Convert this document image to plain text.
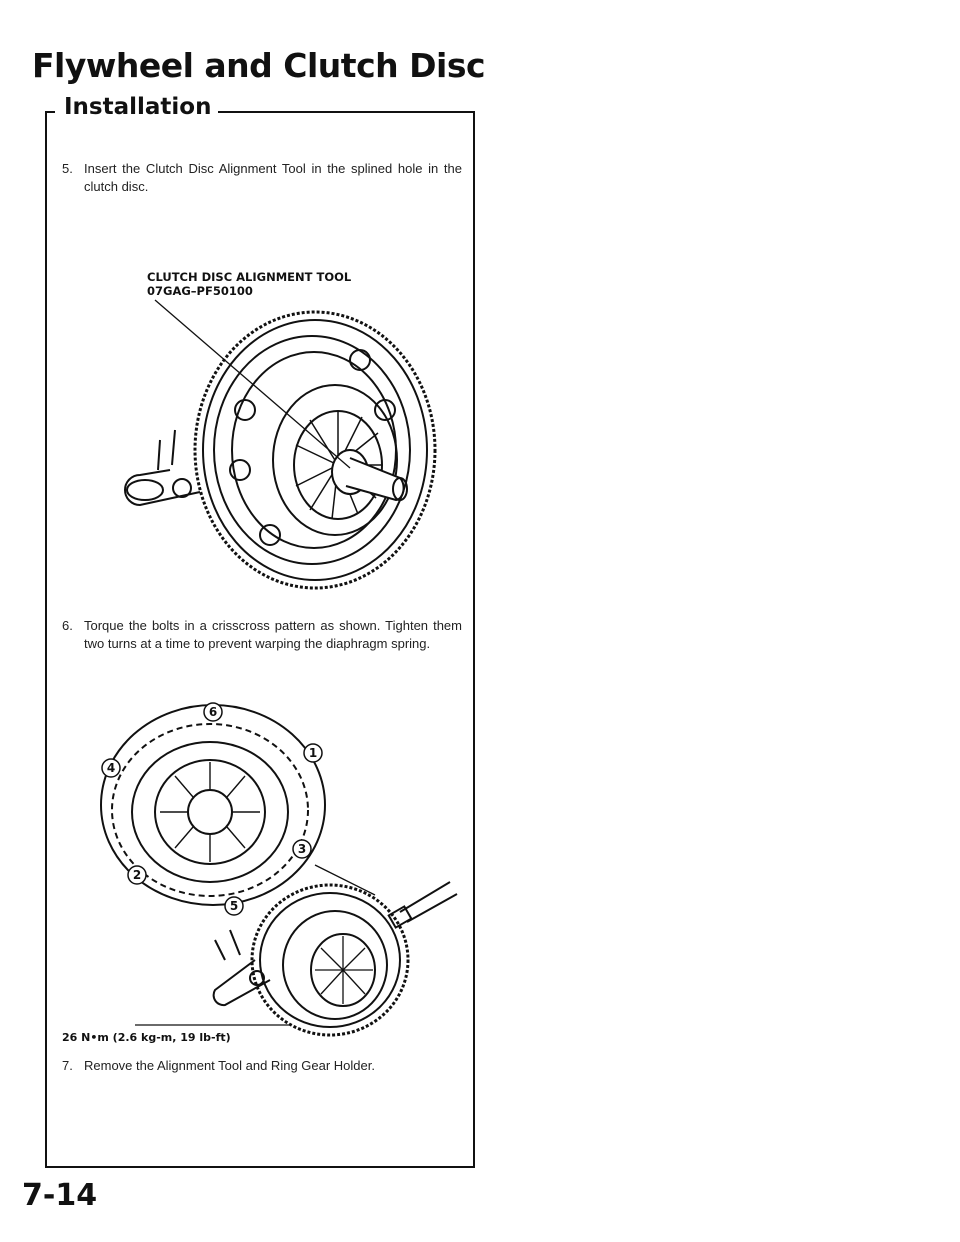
Flywheel and Clutch Disc
Installation

5. Insert the Clutch Disc Alignment Tool in the splined hole in the clutch disc.

CLUTCH DISC ALIGNMENT TOOL
07GAG–PF50100

6. Torque the bolts in a crisscross pattern as shown. Tighten them two turns at a time to prevent warping the diaphragm spring.

6
1
4
3
2
5

26 N•m (2.6 kg-m, 19 lb-ft)

7. Remove the Alignment Tool and Ring Gear Holder.

7-14
